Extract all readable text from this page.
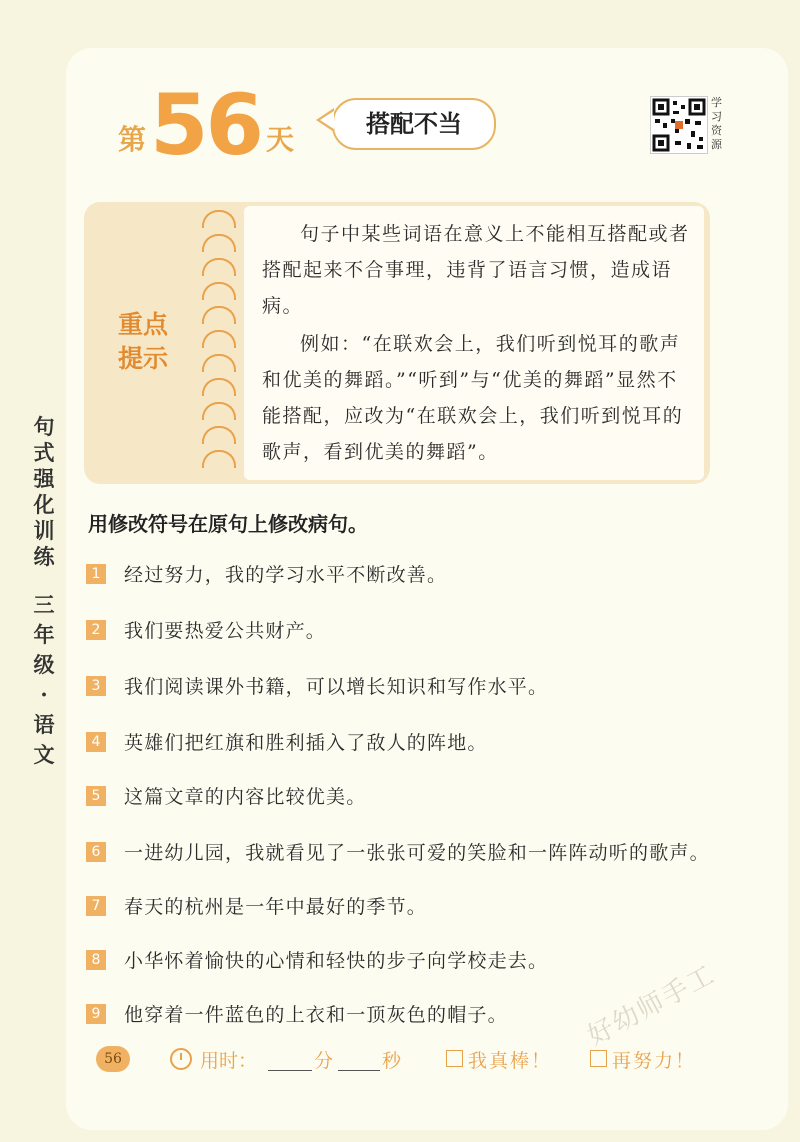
第 56 天	搭配不当
学习资源
重点提示

句子中某些词语在意义上不能相互搭配或者搭配起来不合事理，违背了语言习惯，造成语病。

例如：“在联欢会上，我们听到悦耳的歌声和优美的舞蹈。”“听到”与“优美的舞蹈”显然不能搭配，应改为“在联欢会上，我们听到悦耳的歌声，看到优美的舞蹈”。

句式强化训练
三年级·语文
用修改符号在原句上修改病句。
1 经过努力，我的学习水平不断改善。
2 我们要热爱公共财产。
3 我们阅读课外书籍，可以增长知识和写作水平。
4 英雄们把红旗和胜利插入了敌人的阵地。
5 这篇文章的内容比较优美。
6 一进幼儿园，我就看见了一张张可爱的笑脸和一阵阵动听的歌声。
7 春天的杭州是一年中最好的季节。
8 小华怀着愉快的心情和轻快的步子向学校走去。
9 他穿着一件蓝色的上衣和一顶灰色的帽子。
56	用时：	分	秒	我真棒！	再努力！
好幼师手工
